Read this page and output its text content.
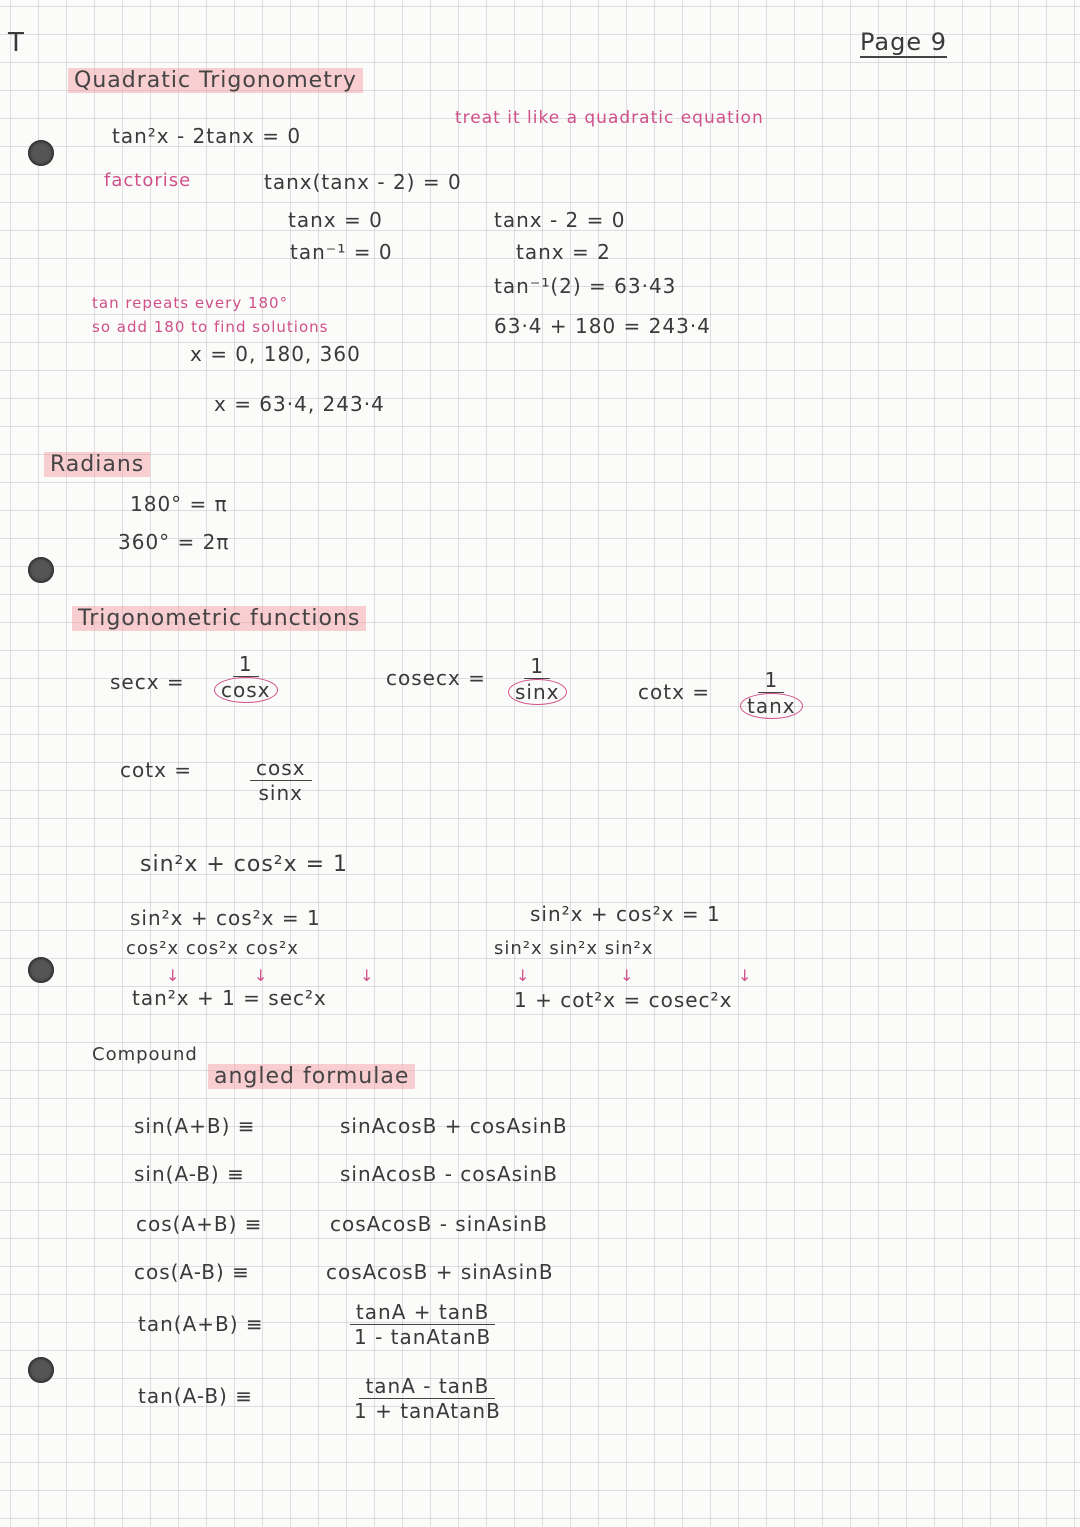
T	Page 9
Quadratic Trigonometry
treat it like a quadratic equation
tan²x - 2tanx = 0
factorise	tanx(tanx - 2) = 0
tanx = 0
tan⁻¹ = 0
tanx - 2 = 0
tanx = 2
tan⁻¹(2) = 63·43
63·4 + 180 = 243·4
tan repeats every 180°
so add 180 to find solutions
x = 0, 180, 360
x = 63·4, 243·4
Radians
180° = π
360° = 2π
Trigonometric functions
$\sec x = \frac{1}{\cos x}$	$cosecx = \frac{1}{\sin x}$	$\cot x = \frac{1}{\tan x}$
cotx =	$\frac{\cos x}{\sin x}$
sin²x + cos²x = 1
sin²x + cos²x = 1
cos²x cos²x cos²x
↓	↓	↓
tan²x + 1 = sec²x
sin²x + cos²x = 1
sin²x sin²x sin²x
↓	↓	↓
1 + cot²x = cosec²x
Compound
angled formulae
sin(A+B) ≡	sinAcosB + cosAsinB
sin(A-B) ≡	sinAcosB - cosAsinB
cos(A+B) ≡	cosAcosB - sinAsinB
cos(A-B) ≡	cosAcosB + sinAsinB
tan(A+B) ≡	$\frac{\tan A + \tan B}{\text{1 - tanAtanB}}$
tan(A-B) ≡	$\frac{\tan A - \tan B}{\text{1 + tanAtanB}}$
